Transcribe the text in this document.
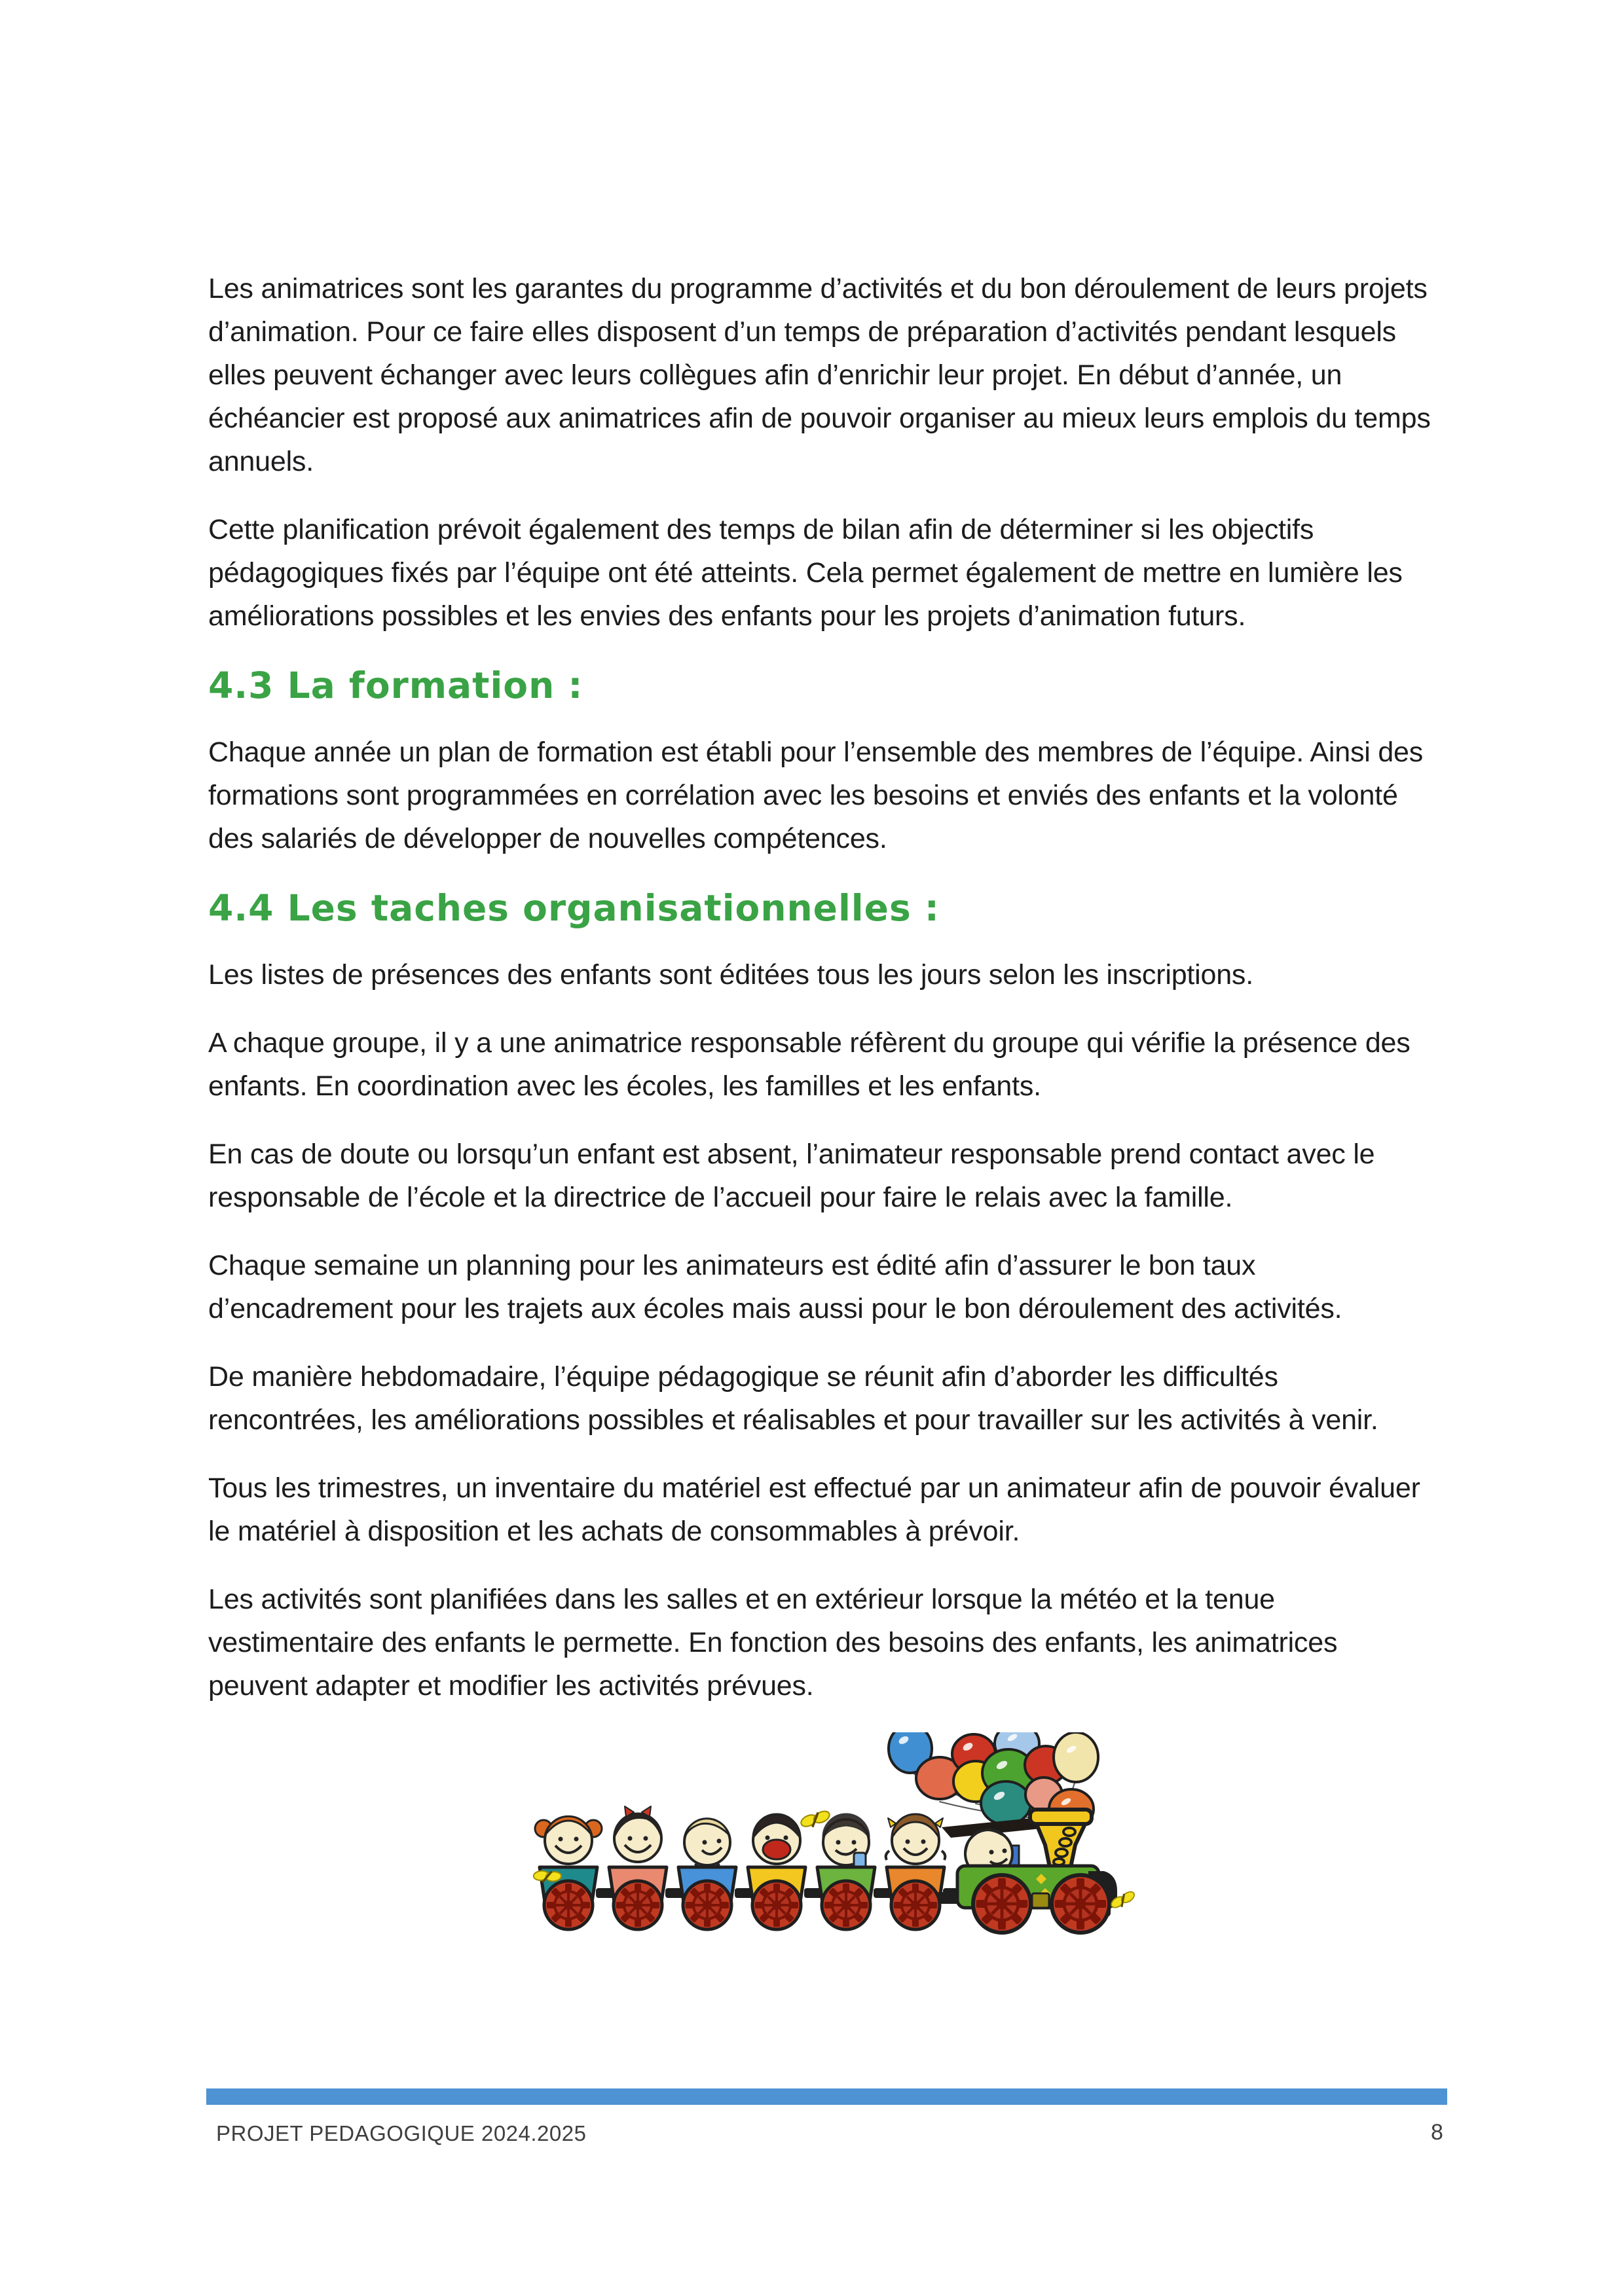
Les animatrices sont les garantes du programme d’activités et du bon déroulement de leurs projets d’animation. Pour ce faire elles disposent d’un temps de préparation d’activités pendant lesquels elles peuvent échanger avec leurs collègues afin d’enrichir leur projet. En début d’année, un échéancier est proposé aux animatrices afin de pouvoir organiser au mieux leurs emplois du temps annuels.

Cette planification prévoit également des temps de bilan afin de déterminer si les objectifs pédagogiques fixés par l’équipe ont été atteints. Cela permet également de mettre en lumière les améliorations possibles et les envies des enfants pour les projets d’animation futurs.

4.3 La formation :

Chaque année un plan de formation est établi pour l’ensemble des membres de l’équipe. Ainsi des formations sont programmées en corrélation avec les besoins et enviés des enfants et la volonté des salariés de développer de nouvelles compétences.

4.4 Les taches organisationnelles :

Les listes de présences des enfants sont éditées tous les jours selon les inscriptions.

A chaque groupe, il y a une animatrice responsable réfèrent du groupe qui vérifie la présence des enfants. En coordination avec les écoles, les familles et les enfants.

En cas de doute ou lorsqu’un enfant est absent, l’animateur responsable prend contact avec le responsable de l’école et la directrice de l’accueil pour faire le relais avec la famille.

Chaque semaine un planning pour les animateurs est édité afin d’assurer le bon taux d’encadrement pour les trajets aux écoles mais aussi pour le bon déroulement des activités.

De manière hebdomadaire, l’équipe pédagogique se réunit afin d’aborder les difficultés rencontrées, les améliorations possibles et réalisables et pour travailler sur les activités à venir.

Tous les trimestres, un inventaire du matériel est effectué par un animateur afin de pouvoir évaluer le matériel à disposition et les achats de consommables à prévoir.

Les activités sont planifiées dans les salles et en extérieur lorsque la météo et la tenue vestimentaire des enfants le permette. En fonction des besoins des enfants, les animatrices peuvent adapter et modifier les activités prévues.

PROJET PEDAGOGIQUE 2024.2025	8
